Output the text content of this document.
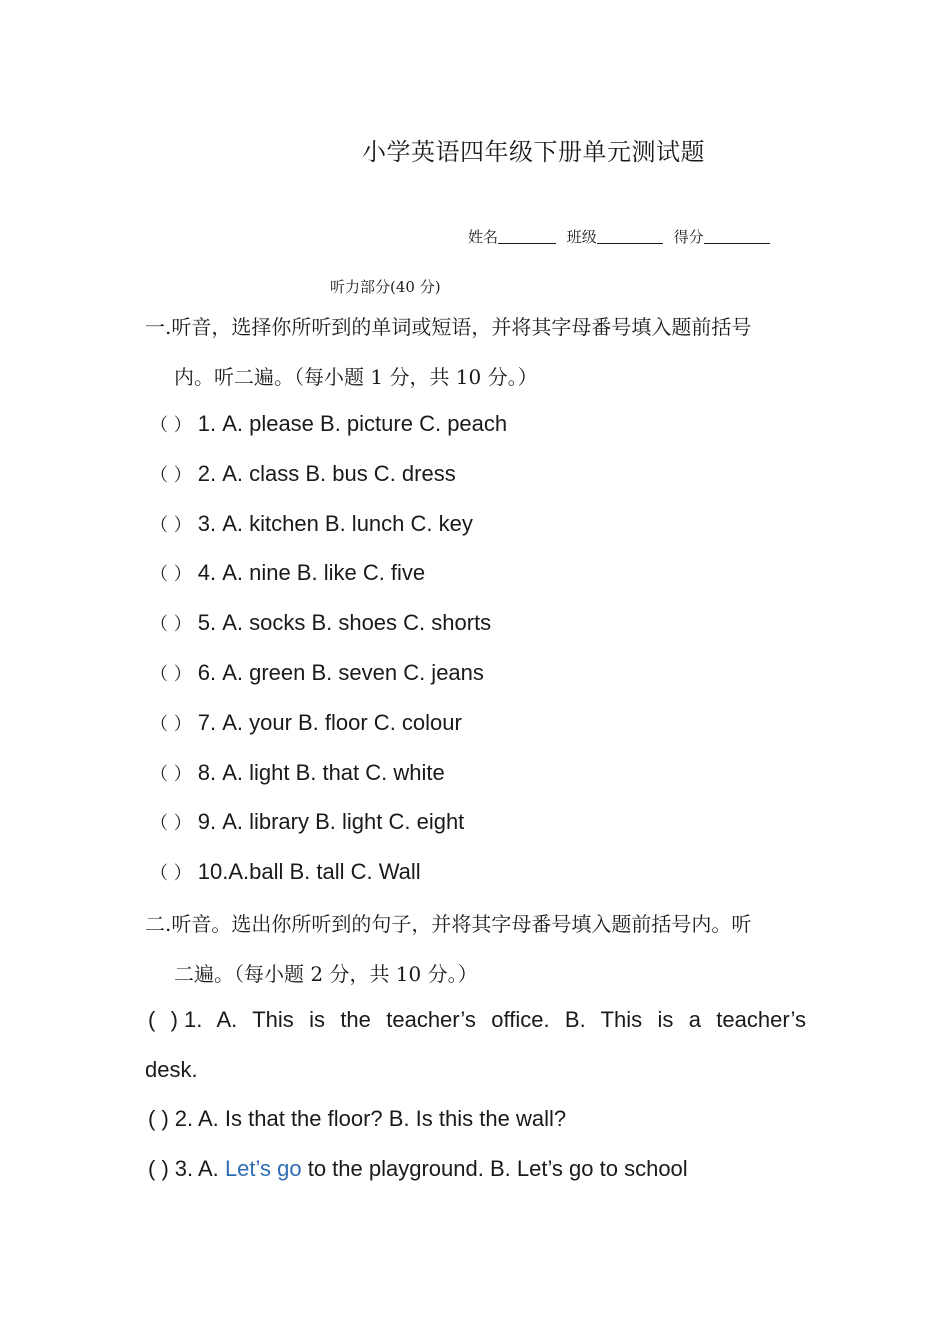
小学英语四年级下册单元测试题
姓名	班级	得分
听力部分(40 分)
一.听音，选择你所听到的单词或短语，并将其字母番号填入题前括号
内。听二遍。（每小题 1 分，共 10 分。）
（ ） 1. A. please B. picture C. peach
（ ） 2. A. class B. bus C. dress
（ ） 3. A. kitchen B. lunch C. key
（ ） 4. A. nine B. like C. five
（ ） 5. A. socks B. shoes C. shorts
（ ） 6. A. green B. seven C. jeans
（ ） 7. A. your B. floor C. colour
（ ） 8. A. light B. that C. white
（ ） 9. A. library B. light C. eight
（ ） 10.A.ball B. tall C. Wall
二.听音。选出你所听到的句子，并将其字母番号填入题前括号内。听
二遍。（每小题 2 分，共 10 分。）
( ) 1. A. This is the teacher’s office. B. This is a teacher’s
desk.
( ) 2. A. Is that the floor? B. Is this the wall?
( ) 3. A. Let’s go to the playground. B. Let’s go to school
